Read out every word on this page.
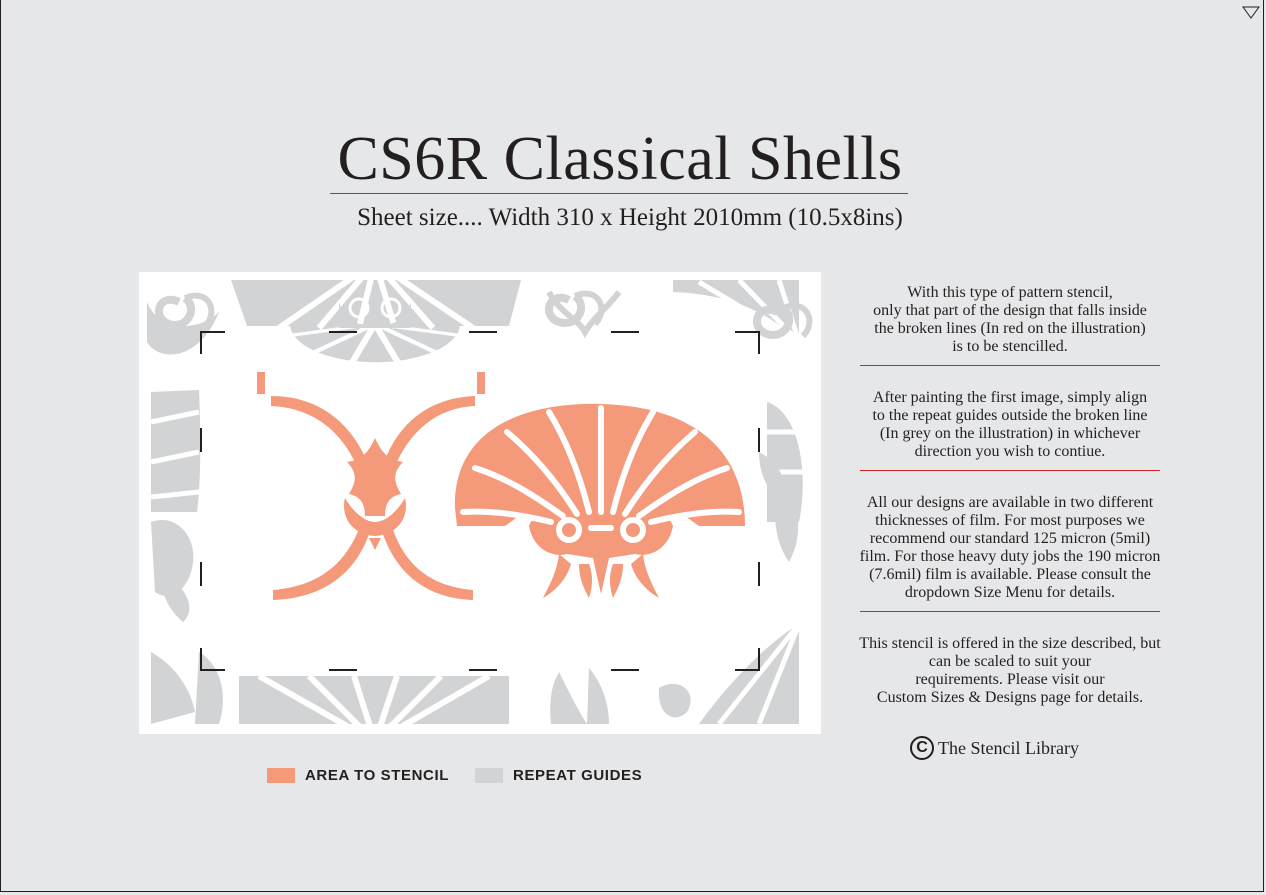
CS6R Classical Shells
Sheet size.... Width 310 x Height 2010mm (10.5x8ins)

With this type of pattern stencil,
only that part of the design that falls inside
the broken lines (In red on the illustration)
is to be stencilled.

After painting the first image, simply align
to the repeat guides outside the broken line
(In grey on the illustration) in whichever
direction you wish to contiue.

All our designs are available in two different
thicknesses of film. For most purposes we
recommend our standard 125 micron (5mil)
film. For those heavy duty jobs the 190 micron
(7.6mil) film is available. Please consult the
dropdown Size Menu for details.

This stencil is offered in the size described, but
can be scaled to suit your
requirements. Please visit our
Custom Sizes & Designs page for details.

C The Stencil Library
AREA TO STENCIL	REPEAT GUIDES
